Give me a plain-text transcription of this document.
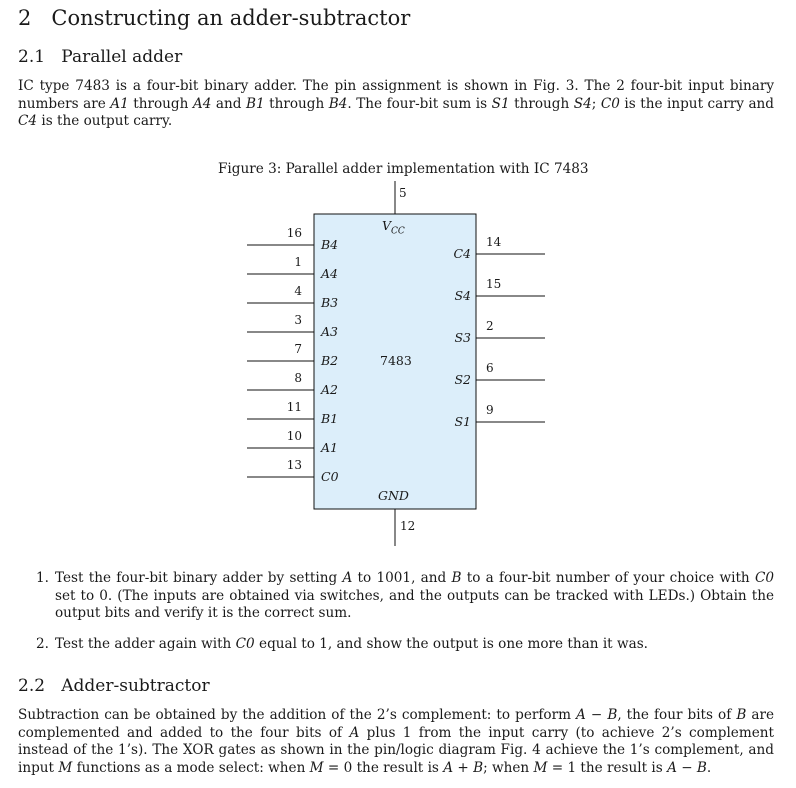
2 Constructing an adder-subtractor
2.1 Parallel adder
IC type 7483 is a four-bit binary adder. The pin assignment is shown in Fig. 3. The 2 four-bit input binary numbers are A1 through A4 and B1 through B4. The four-bit sum is S1 through S4; C0 is the input carry and C4 is the output carry.
Figure 3: Parallel adder implementation with IC 7483
5
$V_{CC}$
7483
GND
12
16
B4
1
A4
4
B3
3
A3
7
B2
8
A2
11
B1
10
A1
13
C0
14
C4
15
S4
2
S3
6
S2
9
S1
1. Test the four-bit binary adder by setting A to 1001, and B to a four-bit number of your choice with C0 set to 0. (The inputs are obtained via switches, and the outputs can be tracked with LEDs.) Obtain the output bits and verify it is the correct sum.
2. Test the adder again with C0 equal to 1, and show the output is one more than it was.
2.2 Adder-subtractor
Subtraction can be obtained by the addition of the 2’s complement: to perform A − B, the four bits of B are complemented and added to the four bits of A plus 1 from the input carry (to achieve 2’s complement instead of the 1’s). The XOR gates as shown in the pin/logic diagram Fig. 4 achieve the 1’s complement, and input M functions as a mode select: when M = 0 the result is A + B; when M = 1 the result is A − B.
